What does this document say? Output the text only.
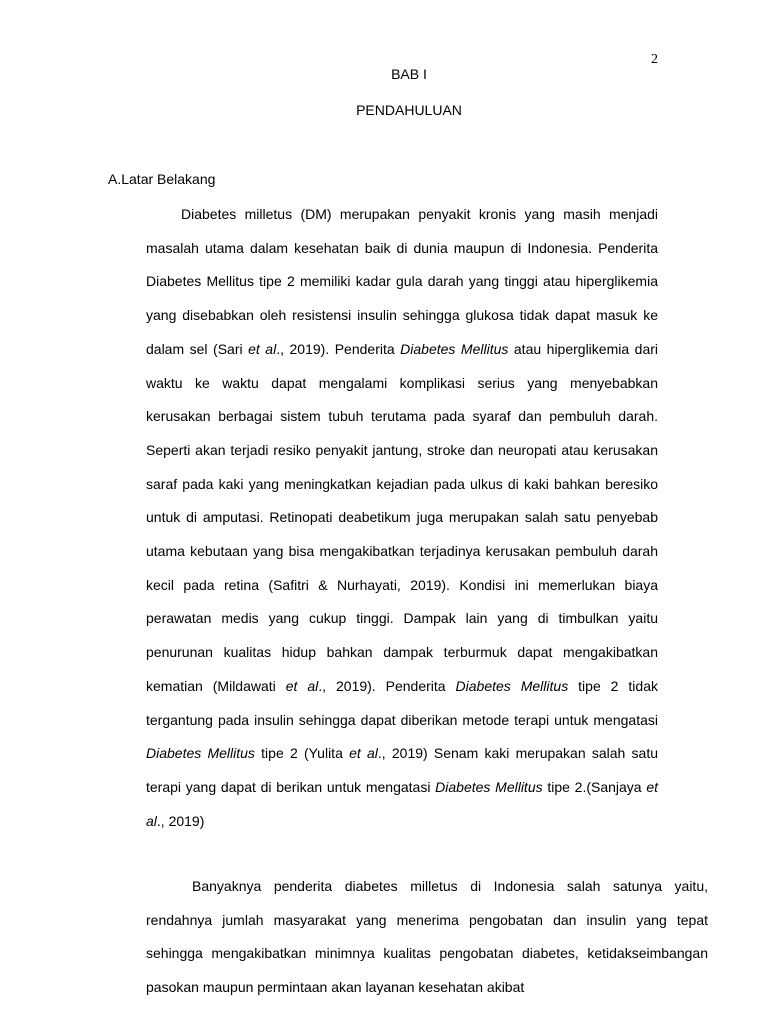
2
BAB I
PENDAHULUAN
A.Latar Belakang

Diabetes milletus (DM) merupakan penyakit kronis yang masih menjadi masalah utama dalam kesehatan baik di dunia maupun di Indonesia. Penderita Diabetes Mellitus tipe 2 memiliki kadar gula darah yang tinggi atau hiperglikemia yang disebabkan oleh resistensi insulin sehingga glukosa tidak dapat masuk ke dalam sel (Sari et al., 2019). Penderita Diabetes Mellitus atau hiperglikemia dari waktu ke waktu dapat mengalami komplikasi serius yang menyebabkan kerusakan berbagai sistem tubuh terutama pada syaraf dan pembuluh darah. Seperti akan terjadi resiko penyakit jantung, stroke dan neuropati atau kerusakan saraf pada kaki yang meningkatkan kejadian pada ulkus di kaki bahkan beresiko untuk di amputasi. Retinopati deabetikum juga merupakan salah satu penyebab utama kebutaan yang bisa mengakibatkan terjadinya kerusakan pembuluh darah kecil pada retina (Safitri & Nurhayati, 2019). Kondisi ini memerlukan biaya perawatan medis yang cukup tinggi. Dampak lain yang di timbulkan yaitu penurunan kualitas hidup bahkan dampak terburmuk dapat mengakibatkan kematian (Mildawati et al., 2019). Penderita Diabetes Mellitus tipe 2 tidak tergantung pada insulin sehingga dapat diberikan metode terapi untuk mengatasi Diabetes Mellitus tipe 2 (Yulita et al., 2019) Senam kaki merupakan salah satu terapi yang dapat di berikan untuk mengatasi Diabetes Mellitus tipe 2.(Sanjaya et al., 2019)

Banyaknya penderita diabetes milletus di Indonesia salah satunya yaitu, rendahnya jumlah masyarakat yang menerima pengobatan dan insulin yang tepat sehingga mengakibatkan minimnya kualitas pengobatan diabetes, ketidakseimbangan pasokan maupun permintaan akan layanan kesehatan akibat
